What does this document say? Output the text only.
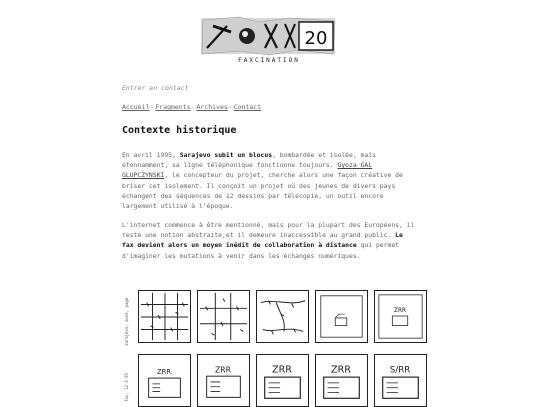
20
FAXCINATION
Entrer en contact
Accueil–Fragments–Archives–Contact
Contexte historique

En avril 1995, Sarajevo subit un blocus, bombardée et isolée, mais étonnamment, sa ligne téléphonique fonctionne toujours. Gyoza GAL GLUPCZYNSKI, le concepteur du projet, cherche alors une façon créative de briser cet isolement. Il conçoit un projet où des jeunes de divers pays échangent des séquences de 12 dessins par télécopie, un outil encore largement utilisé à l'époque.

L'internet commence à être mentionné, mais pour la plupart des Européens, il reste une notion abstraite,et il demeure inaccessible au grand public. Le fax devient alors un moyen inédit de collaboration à distance qui permet d'imaginer les mutations à venir dans les échanges numériques.

sarajevo, anne, page
fax, 12-3-95
ZRR
ZRR	ZRR	ZRR	ZRR	S/RR
